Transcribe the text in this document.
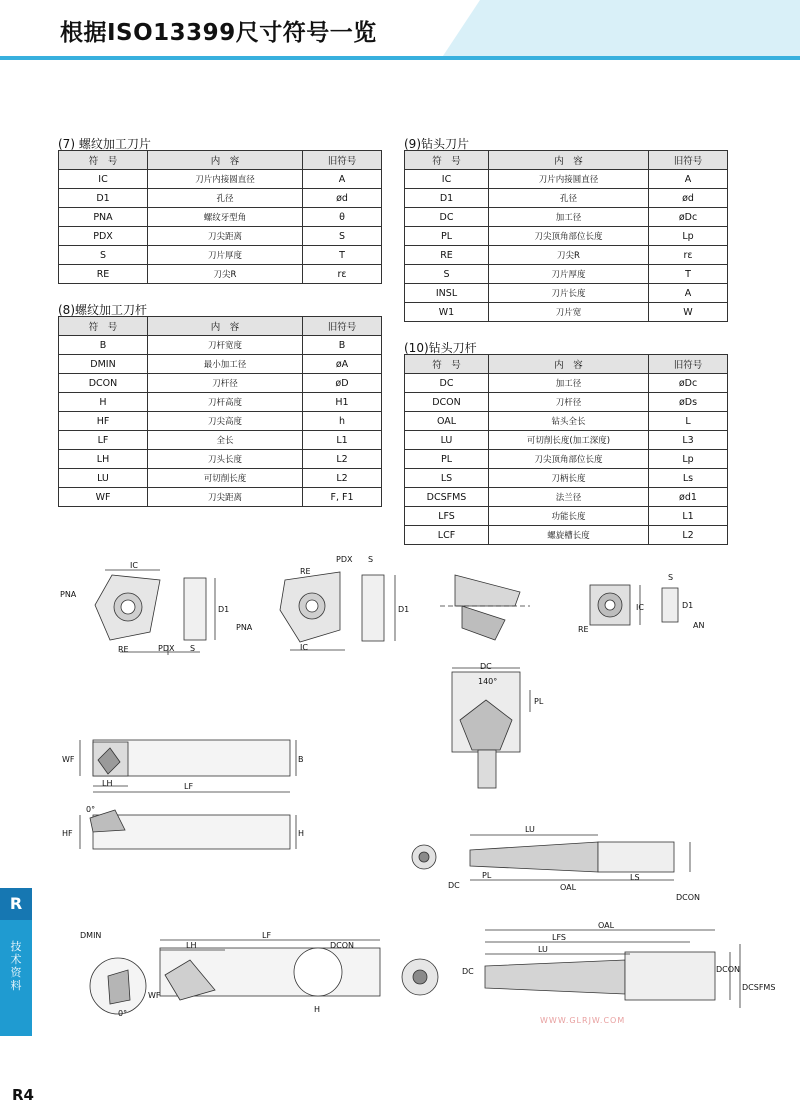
根据ISO13399尺寸符号一览
(7) 螺纹加工刀片
符　号	内　容	旧符号
IC	刀片内接圆直径	A
D1	孔径	ød
PNA	螺纹牙型角	θ
PDX	刀尖距离	S
S	刀片厚度	T
RE	刀尖R	rε
(8)螺纹加工刀杆
符　号	内　容	旧符号
B	刀杆宽度	B
DMIN	最小加工径	øA
DCON	刀杆径	øD
H	刀杆高度	H1
HF	刀尖高度	h
LF	全长	L1
LH	刀头长度	L2
LU	可切削长度	L2
WF	刀尖距离	F, F1
(9)钻头刀片
符　号	内　容	旧符号
IC	刀片内接圆直径	A
D1	孔径	ød
DC	加工径	øDc
PL	刀尖顶角部位长度	Lp
RE	刀尖R	rε
S	刀片厚度	T
INSL	刀片长度	A
W1	刀片宽	W
(10)钻头刀杆
符　号	内　容	旧符号
DC	加工径	øDc
DCON	刀杆径	øDs
OAL	钻头全长	L
LU	可切削长度(加工深度)	L3
PL	刀尖顶角部位长度	Lp
LS	刀柄长度	Ls
DCSFMS	法兰径	ød1
LFS	功能长度	L1
LCF	螺旋槽长度	L2
IC
PNA
D1
RE	PDX S
PDX S
RE
PNA
D1
IC
S
D1
IC
RE	AN
DC
140°
PL
WF	B
LH	LF
0°
HF	H	LU
PL
DC	OAL
LS
DCON
DMIN
LH
LF
DCON
WF
H
0°
OAL
LFS
LU
DC	DCON
DCSFMS
WWW.GLRJW.COM
R
技术资料
R4
